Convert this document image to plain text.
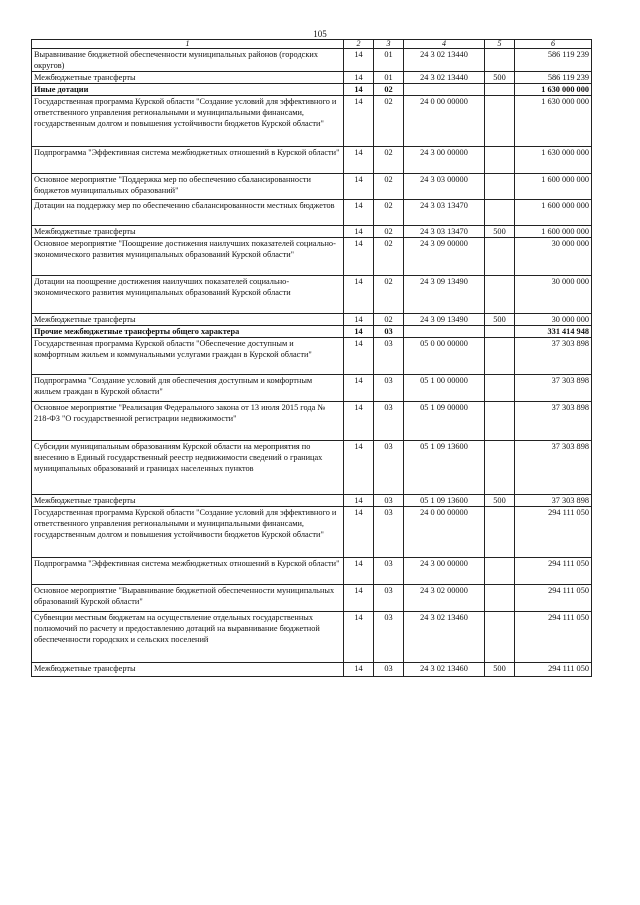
105
1	2	3	4	5	6
Выравнивание бюджетной обеспеченности муниципальных районов (городских округов)	14	01	24 3 02 13440		586 119 239
Межбюджетные трансферты	14	01	24 3 02 13440	500	586 119 239
Иные дотации	14	02			1 630 000 000
Государственная программа Курской области "Создание условий для эффективного и ответственного управления региональными и муниципальными финансами, государственным долгом и повышения устойчивости бюджетов Курской области"	14	02	24 0 00 00000		1 630 000 000
Подпрограмма "Эффективная система межбюджетных отношений в Курской области"	14	02	24 3 00 00000		1 630 000 000
Основное мероприятие "Поддержка мер по обеспечению сбалансированности бюджетов муниципальных образований"	14	02	24 3 03 00000		1 600 000 000
Дотации на поддержку мер по обеспечению сбалансированности местных бюджетов	14	02	24 3 03 13470		1 600 000 000
Межбюджетные трансферты	14	02	24 3 03 13470	500	1 600 000 000
Основное мероприятие "Поощрение достижения наилучших показателей социально-экономического развития муниципальных образований Курской области"	14	02	24 3 09 00000		30 000 000
Дотации на поощрение достижения наилучших показателей социально-экономического развития муниципальных образований Курской области	14	02	24 3 09 13490		30 000 000
Межбюджетные трансферты	14	02	24 3 09 13490	500	30 000 000
Прочие межбюджетные трансферты общего характера	14	03			331 414 948
Государственная программа Курской области "Обеспечение доступным и комфортным жильем и коммунальными услугами граждан в Курской области"	14	03	05 0 00 00000		37 303 898
Подпрограмма "Создание условий для обеспечения доступным и комфортным жильем граждан в Курской области"	14	03	05 1 00 00000		37 303 898
Основное мероприятие "Реализация Федерального закона от 13 июля 2015 года № 218-ФЗ "О государственной регистрации недвижимости"	14	03	05 1 09 00000		37 303 898
Субсидии муниципальным образованиям Курской области на мероприятия по внесению в Единый государственный реестр недвижимости сведений о границах муниципальных образований и границах населенных пунктов	14	03	05 1 09 13600		37 303 898
Межбюджетные трансферты	14	03	05 1 09 13600	500	37 303 898
Государственная программа Курской области "Создание условий для эффективного и ответственного управления региональными и муниципальными финансами, государственным долгом и повышения устойчивости бюджетов Курской области"	14	03	24 0 00 00000		294 111 050
Подпрограмма "Эффективная система межбюджетных отношений в Курской области"	14	03	24 3 00 00000		294 111 050
Основное мероприятие "Выравнивание бюджетной обеспеченности муниципальных образований Курской области"	14	03	24 3 02 00000		294 111 050
Субвенции местным бюджетам на осуществление отдельных государственных полномочий по расчету и предоставлению дотаций на выравнивание бюджетной обеспеченности городских и сельских поселений	14	03	24 3 02 13460		294 111 050
Межбюджетные трансферты	14	03	24 3 02 13460	500	294 111 050
